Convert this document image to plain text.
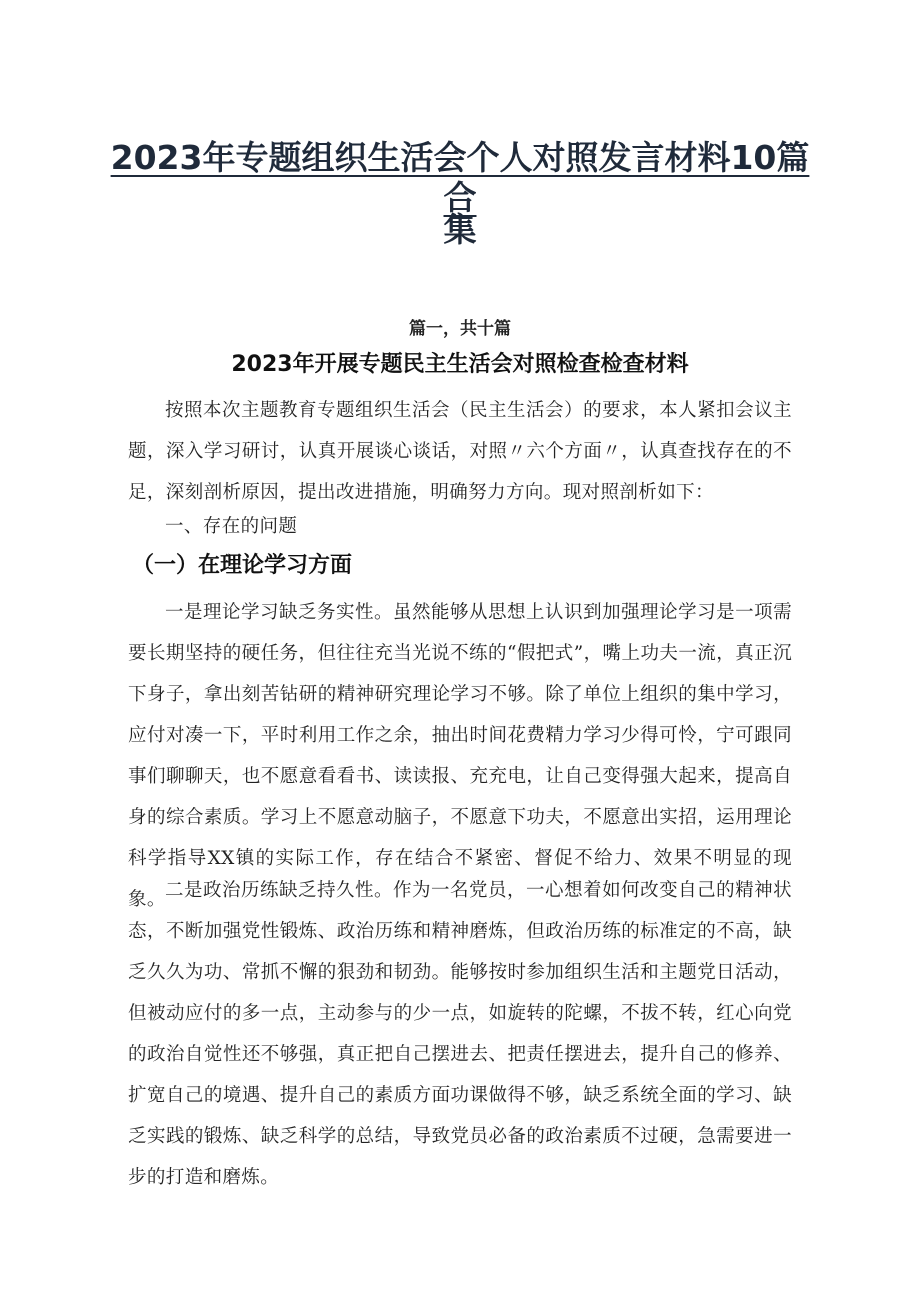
2023年专题组织生活会个人对照发言材料10篇合
集
篇一，共十篇
2023年开展专题民主生活会对照检查检查材料

按照本次主题教育专题组织生活会（民主生活会）的要求，本人紧扣会议主题，深入学习研讨，认真开展谈心谈话，对照〃六个方面〃，认真查找存在的不足，深刻剖析原因，提出改进措施，明确努力方向。现对照剖析如下：

一、存在的问题
（一）在理论学习方面

一是理论学习缺乏务实性。虽然能够从思想上认识到加强理论学习是一项需要长期坚持的硬任务，但往往充当光说不练的“假把式”，嘴上功夫一流，真正沉下身子，拿出刻苦钻研的精神研究理论学习不够。除了单位上组织的集中学习，应付对凑一下，平时利用工作之余，抽出时间花费精力学习少得可怜，宁可跟同事们聊聊天，也不愿意看看书、读读报、充充电，让自己变得强大起来，提高自身的综合素质。学习上不愿意动脑子，不愿意下功夫，不愿意出实招，运用理论科学指导XX镇的实际工作，存在结合不紧密、督促不给力、效果不明显的现象。 二是政治历练缺乏持久性。作为一名党员，一心想着如何改变自己的精神状态，不断加强党性锻炼、政治历练和精神磨炼，但政治历练的标准定的不高，缺乏久久为功、常抓不懈的狠劲和韧劲。能够按时参加组织生活和主题党日活动，但被动应付的多一点，主动参与的少一点，如旋转的陀螺，不拔不转，红心向党的政治自觉性还不够强，真正把自己摆进去、把责任摆进去，提升自己的修养、扩宽自己的境遇、提升自己的素质方面功课做得不够，缺乏系统全面的学习、缺乏实践的锻炼、缺乏科学的总结，导致党员必备的政治素质不过硬，急需要进一步的打造和磨炼。
